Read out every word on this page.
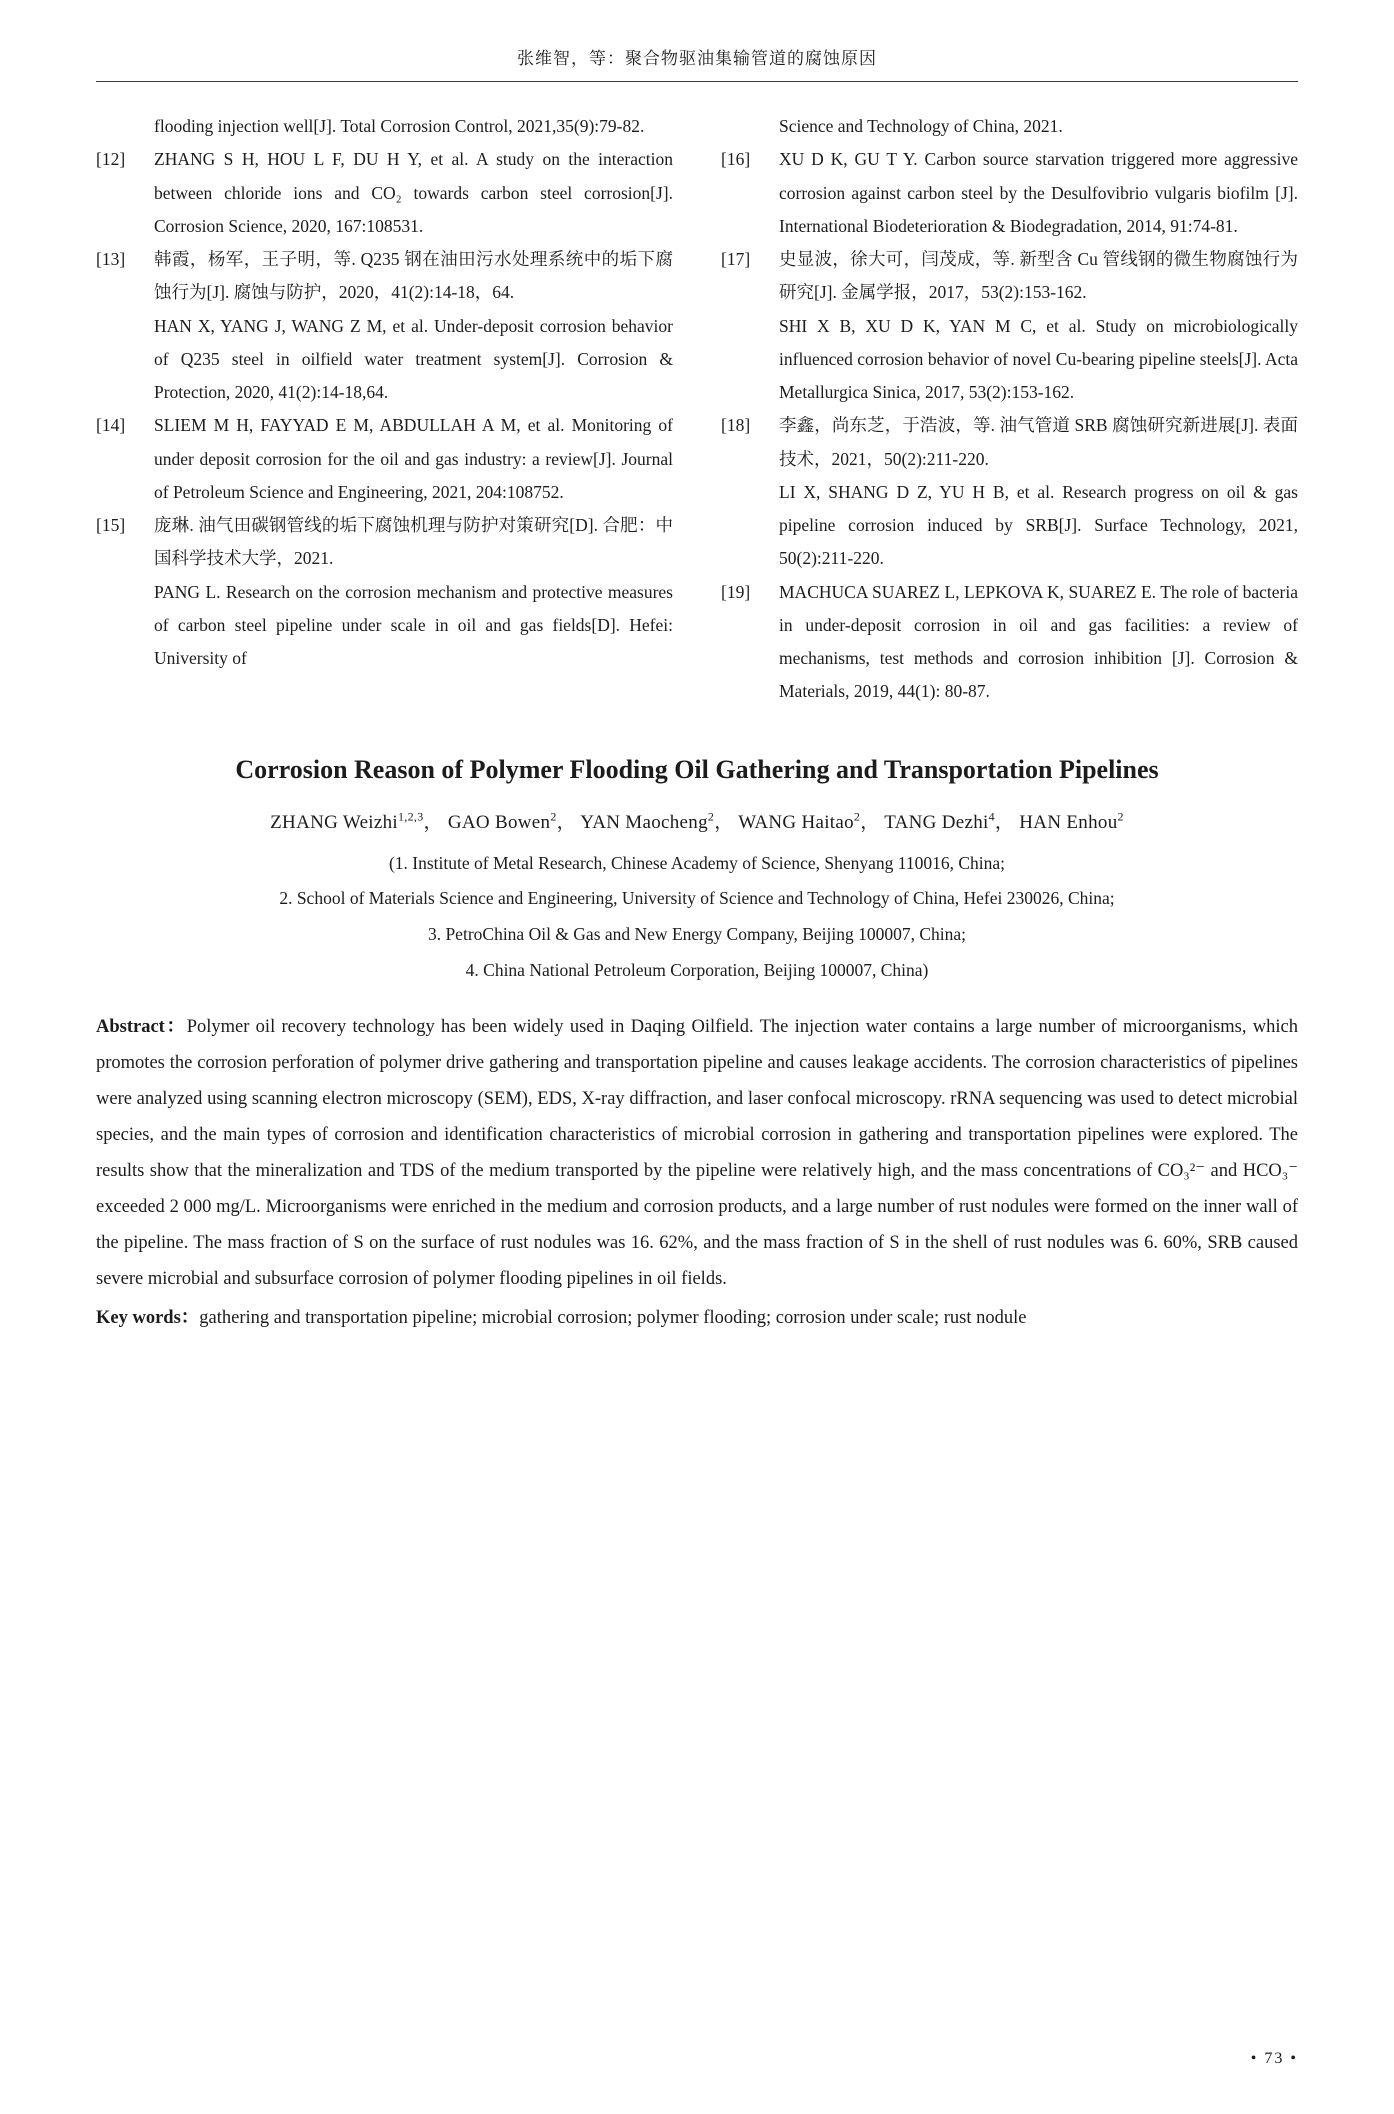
张维智，等：聚合物驱油集输管道的腐蚀原因

flooding injection well[J]. Total Corrosion Control, 2021,35(9):79-82.

[12]	ZHANG S H, HOU L F, DU H Y, et al. A study on the interaction between chloride ions and CO₂ towards carbon steel corrosion[J]. Corrosion Science, 2020, 167:108531.

[13]	韩霞，杨军，王子明，等. Q235 钢在油田污水处理系统中的垢下腐蚀行为[J]. 腐蚀与防护，2020，41(2):14-18，64.

HAN X, YANG J, WANG Z M, et al. Under-deposit corrosion behavior of Q235 steel in oilfield water treatment system[J]. Corrosion & Protection, 2020, 41(2):14-18,64.

[14]	SLIEM M H, FAYYAD E M, ABDULLAH A M, et al. Monitoring of under deposit corrosion for the oil and gas industry: a review[J]. Journal of Petroleum Science and Engineering, 2021, 204:108752.

[15]	庞琳. 油气田碳钢管线的垢下腐蚀机理与防护对策研究[D]. 合肥：中国科学技术大学，2021.

PANG L. Research on the corrosion mechanism and protective measures of carbon steel pipeline under scale in oil and gas fields[D]. Hefei: University of

Science and Technology of China, 2021.

[16]	XU D K, GU T Y. Carbon source starvation triggered more aggressive corrosion against carbon steel by the Desulfovibrio vulgaris biofilm [J]. International Biodeterioration & Biodegradation, 2014, 91:74-81.

[17]	史显波，徐大可，闫茂成，等. 新型含 Cu 管线钢的微生物腐蚀行为研究[J]. 金属学报，2017，53(2):153-162.

SHI X B, XU D K, YAN M C, et al. Study on microbiologically influenced corrosion behavior of novel Cu-bearing pipeline steels[J]. Acta Metallurgica Sinica, 2017, 53(2):153-162.

[18]	李鑫，尚东芝，于浩波，等. 油气管道 SRB 腐蚀研究新进展[J]. 表面技术，2021，50(2):211-220.

LI X, SHANG D Z, YU H B, et al. Research progress on oil & gas pipeline corrosion induced by SRB[J]. Surface Technology, 2021, 50(2):211-220.

[19]	MACHUCA SUAREZ L, LEPKOVA K, SUAREZ E. The role of bacteria in under-deposit corrosion in oil and gas facilities: a review of mechanisms, test methods and corrosion inhibition [J]. Corrosion & Materials, 2019, 44(1): 80-87.

Corrosion Reason of Polymer Flooding Oil Gathering and Transportation Pipelines
ZHANG Weizhi$^{1,2,3}$， GAO Bowen$^2$， YAN Maocheng$^2$， WANG Haitao$^2$， TANG Dezhi$^4$， HAN Enhou$^2$
(1. Institute of Metal Research, Chinese Academy of Science, Shenyang 110016, China;
2. School of Materials Science and Engineering, University of Science and Technology of China, Hefei 230026, China;
3. PetroChina Oil & Gas and New Energy Company, Beijing 100007, China;
4. China National Petroleum Corporation, Beijing 100007, China)

Abstract：Polymer oil recovery technology has been widely used in Daqing Oilfield. The injection water contains a large number of microorganisms, which promotes the corrosion perforation of polymer drive gathering and transportation pipeline and causes leakage accidents. The corrosion characteristics of pipelines were analyzed using scanning electron microscopy (SEM), EDS, X-ray diffraction, and laser confocal microscopy. rRNA sequencing was used to detect microbial species, and the main types of corrosion and identification characteristics of microbial corrosion in gathering and transportation pipelines were explored. The results show that the mineralization and TDS of the medium transported by the pipeline were relatively high, and the mass concentrations of CO₃²⁻ and HCO₃⁻ exceeded 2 000 mg/L. Microorganisms were enriched in the medium and corrosion products, and a large number of rust nodules were formed on the inner wall of the pipeline. The mass fraction of S on the surface of rust nodules was 16. 62%, and the mass fraction of S in the shell of rust nodules was 6. 60%, SRB caused severe microbial and subsurface corrosion of polymer flooding pipelines in oil fields.

Key words：gathering and transportation pipeline; microbial corrosion; polymer flooding; corrosion under scale; rust nodule

• 73 •
